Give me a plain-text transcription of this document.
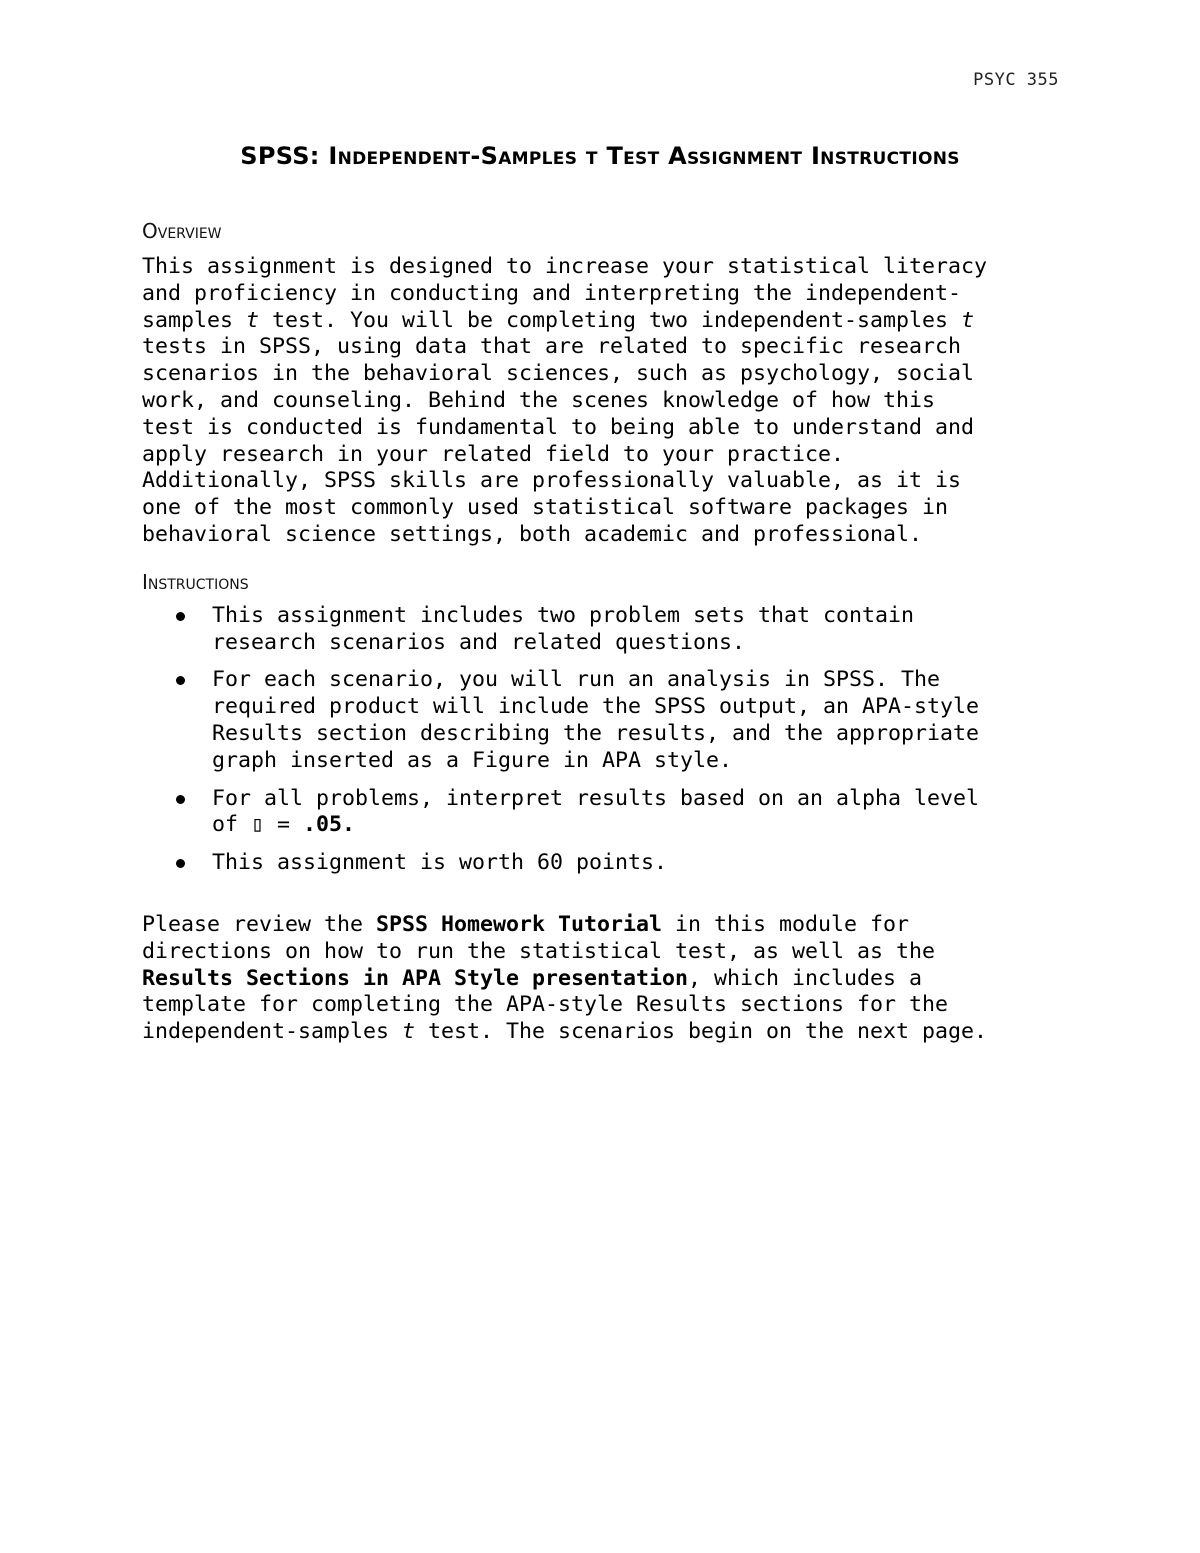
PSYC 355
SPSS: Independent-Samples t Test Assignment Instructions

Overview

This assignment is designed to increase your statistical literacy

and proficiency in conducting and interpreting the independent-

samples t test. You will be completing two independent-samples t

tests in SPSS, using data that are related to specific research

scenarios in the behavioral sciences, such as psychology, social

work, and counseling. Behind the scenes knowledge of how this

test is conducted is fundamental to being able to understand and

apply research in your related field to your practice.

Additionally, SPSS skills are professionally valuable, as it is

one of the most commonly used statistical software packages in

behavioral science settings, both academic and professional.

Instructions

This assignment includes two problem sets that contain

research scenarios and related questions.

For each scenario, you will run an analysis in SPSS. The

required product will include the SPSS output, an APA-style

Results section describing the results, and the appropriate

graph inserted as a Figure in APA style.

For all problems, interpret results based on an alpha level

of ▯ = .05.

This assignment is worth 60 points.

Please review the SPSS Homework Tutorial in this module for

directions on how to run the statistical test, as well as the

Results Sections in APA Style presentation, which includes a

template for completing the APA-style Results sections for the

independent-samples t test. The scenarios begin on the next page.
